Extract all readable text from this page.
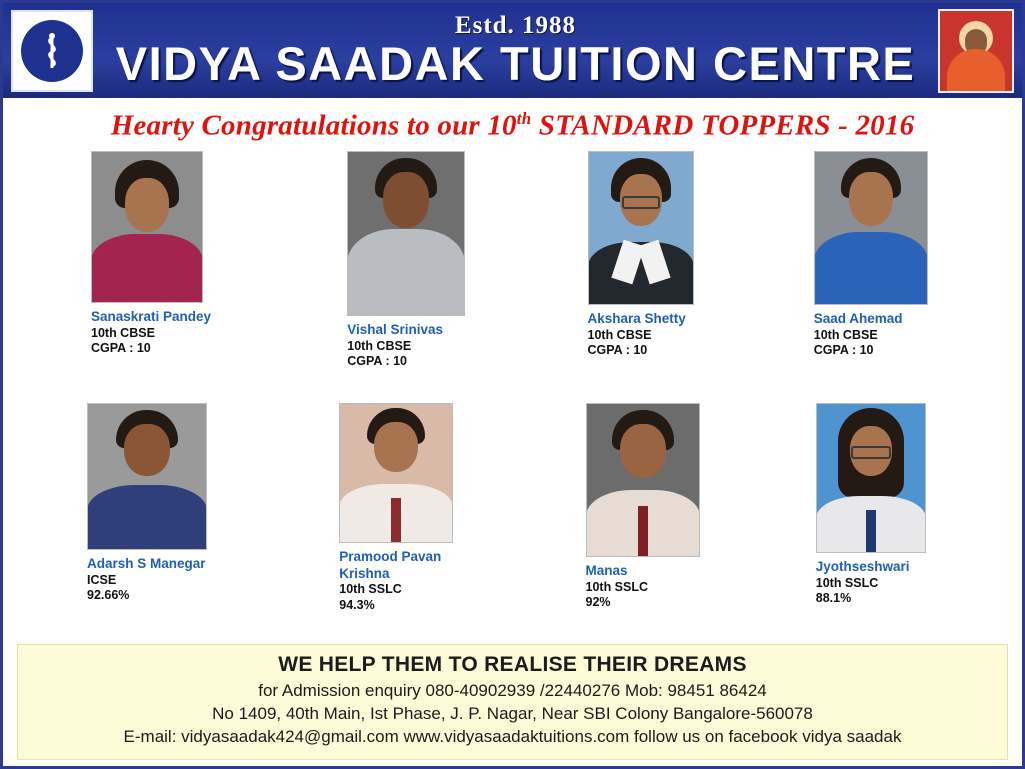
Estd. 1988
VIDYA SAADAK TUITION CENTRE
Hearty Congratulations to our 10th STANDARD TOPPERS - 2016
Sanaskrati Pandey
10th CBSE
CGPA : 10
Vishal Srinivas
10th CBSE
CGPA : 10
Akshara Shetty
10th CBSE
CGPA : 10
Saad Ahemad
10th CBSE
CGPA : 10
Adarsh S Manegar
ICSE
92.66%
Pramood Pavan Krishna
10th SSLC
94.3%
Manas
10th SSLC
92%
Jyothseshwari
10th SSLC
88.1%
WE HELP THEM TO REALISE THEIR DREAMS
for Admission enquiry 080-40902939 /22440276 Mob: 98451 86424
No 1409, 40th Main, Ist Phase, J. P. Nagar, Near SBI Colony Bangalore-560078
E-mail: vidyasaadak424@gmail.com www.vidyasaadaktuitions.com follow us on facebook vidya saadak
